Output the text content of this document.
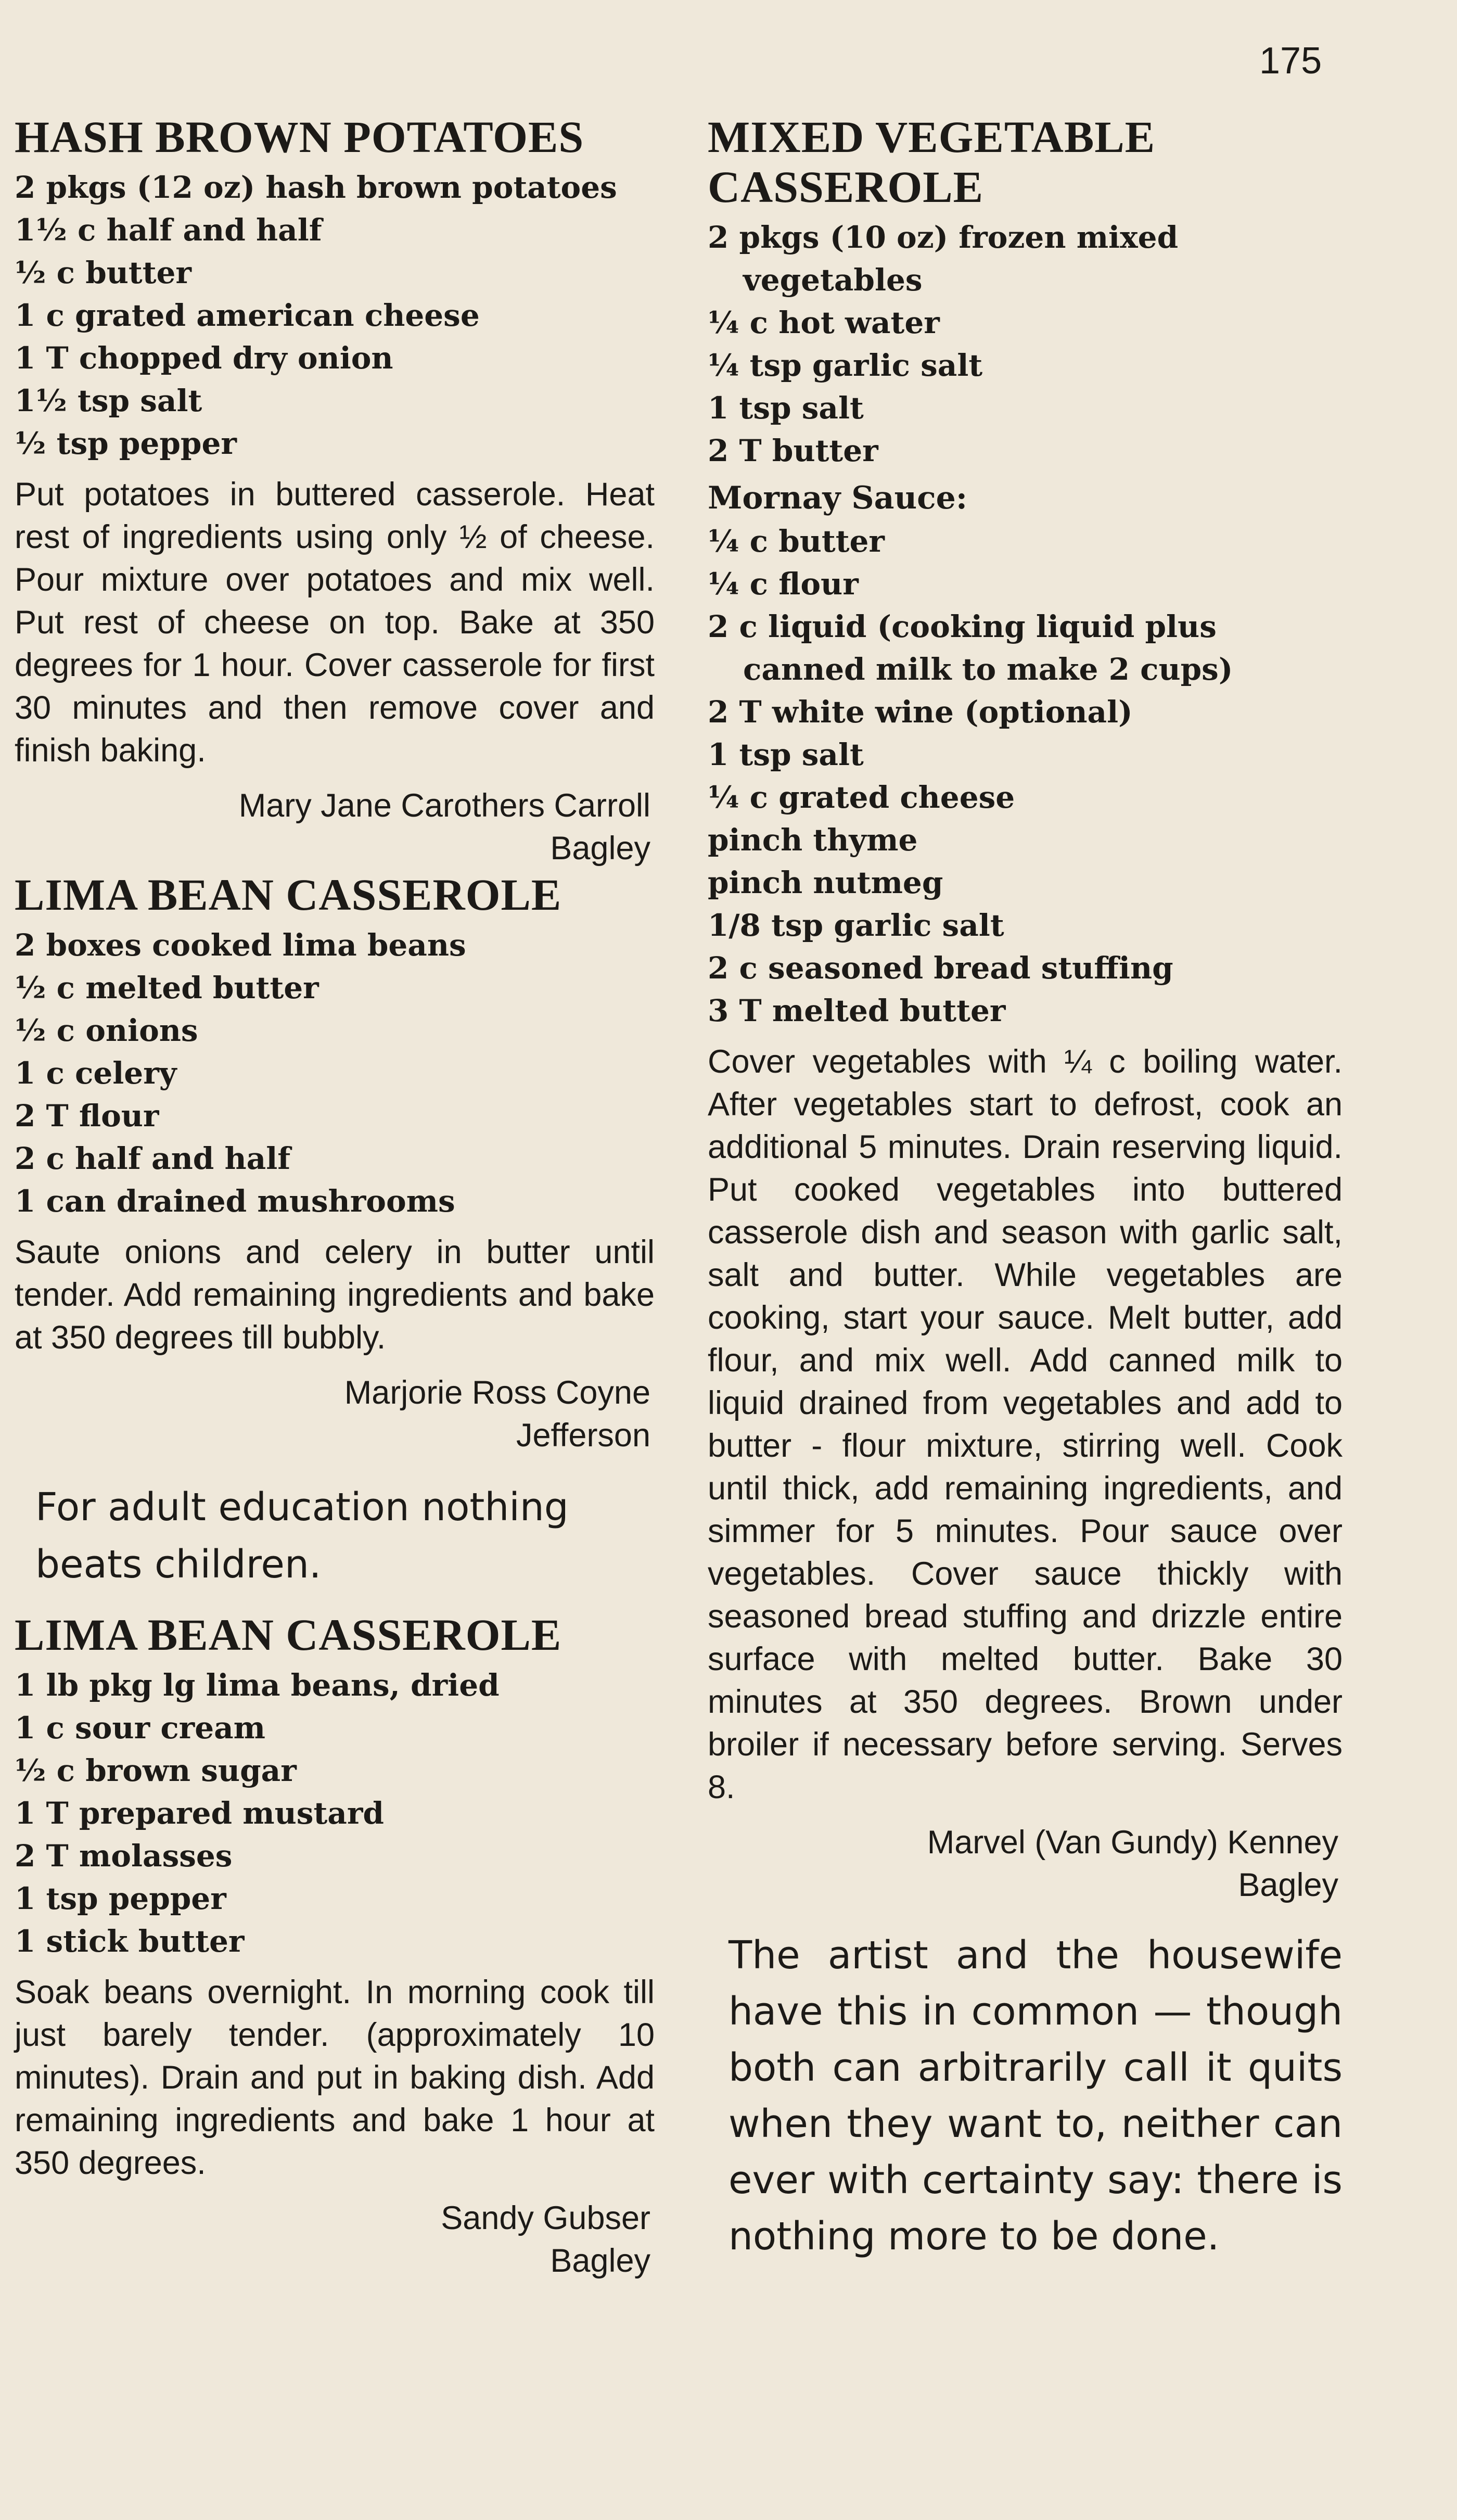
175
HASH BROWN POTATOES
2 pkgs (12 oz) hash brown potatoes
1½ c half and half
½ c butter
1 c grated american cheese
1 T chopped dry onion
1½ tsp salt
½ tsp pepper

Put potatoes in buttered casserole. Heat rest of ingredients using only ½ of cheese. Pour mixture over potatoes and mix well. Put rest of cheese on top. Bake at 350 degrees for 1 hour. Cover casserole for first 30 minutes and then remove cover and finish baking.

Mary Jane Carothers Carroll
Bagley
LIMA BEAN CASSEROLE
2 boxes cooked lima beans
½ c melted butter
½ c onions
1 c celery
2 T flour
2 c half and half
1 can drained mushrooms

Saute onions and celery in butter until tender. Add remaining ingredients and bake at 350 degrees till bubbly.

Marjorie Ross Coyne
Jefferson

For adult education nothing beats children.

LIMA BEAN CASSEROLE
1 lb pkg lg lima beans, dried
1 c sour cream
½ c brown sugar
1 T prepared mustard
2 T molasses
1 tsp pepper
1 stick butter

Soak beans overnight. In morning cook till just barely tender. (approximately 10 minutes). Drain and put in baking dish. Add remaining ingredients and bake 1 hour at 350 degrees.

Sandy Gubser
Bagley
MIXED VEGETABLE CASSEROLE
2 pkgs (10 oz) frozen mixed vegetables
¼ c hot water
¼ tsp garlic salt
1 tsp salt
2 T butter
Mornay Sauce:
¼ c butter
¼ c flour
2 c liquid (cooking liquid plus canned milk to make 2 cups)
2 T white wine (optional)
1 tsp salt
¼ c grated cheese
pinch thyme
pinch nutmeg
1/8 tsp garlic salt
2 c seasoned bread stuffing
3 T melted butter

Cover vegetables with ¼ c boiling water. After vegetables start to defrost, cook an additional 5 minutes. Drain reserving liquid. Put cooked vegetables into buttered casserole dish and season with garlic salt, salt and butter. While vegetables are cooking, start your sauce. Melt butter, add flour, and mix well. Add canned milk to liquid drained from vegetables and add to butter - flour mixture, stirring well. Cook until thick, add remaining ingredients, and simmer for 5 minutes. Pour sauce over vegetables. Cover sauce thickly with seasoned bread stuffing and drizzle entire surface with melted butter. Bake 30 minutes at 350 degrees. Brown under broiler if necessary before serving. Serves 8.

Marvel (Van Gundy) Kenney
Bagley

The artist and the housewife have this in common — though both can arbitrarily call it quits when they want to, neither can ever with certainty say: there is nothing more to be done.
